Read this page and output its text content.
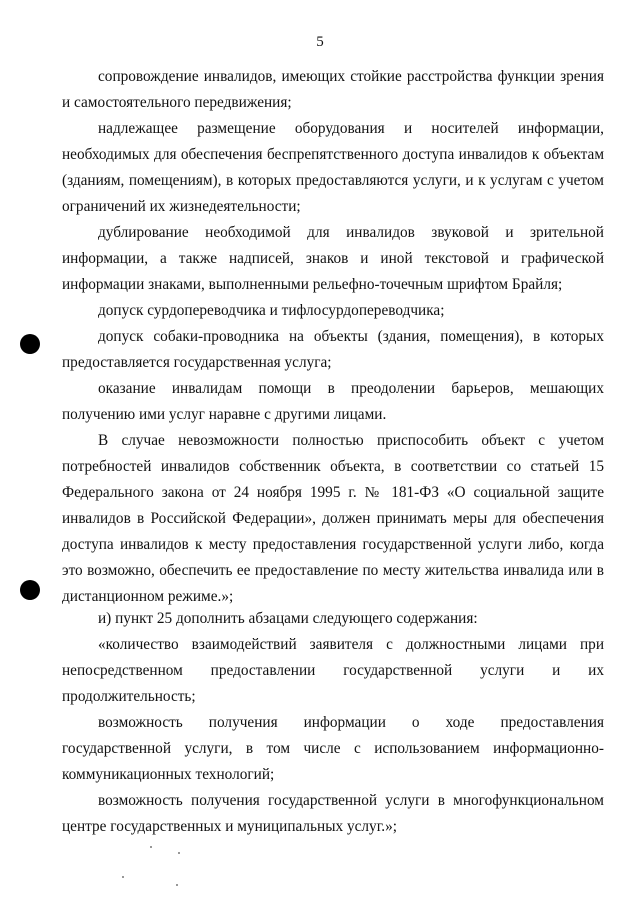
5

сопровождение инвалидов, имеющих стойкие расстройства функции зрения и самостоятельного передвижения;

надлежащее размещение оборудования и носителей информации, необходимых для обеспечения беспрепятственного доступа инвалидов к объектам (зданиям, помещениям), в которых предоставляются услуги, и к услугам с учетом ограничений их жизнедеятельности;

дублирование необходимой для инвалидов звуковой и зрительной информации, а также надписей, знаков и иной текстовой и графической информации знаками, выполненными рельефно-точечным шрифтом Брайля;

допуск сурдопереводчика и тифлосурдопереводчика;

допуск собаки-проводника на объекты (здания, помещения), в которых предоставляется государственная услуга;

оказание инвалидам помощи в преодолении барьеров, мешающих получению ими услуг наравне с другими лицами.

В случае невозможности полностью приспособить объект с учетом потребностей инвалидов собственник объекта, в соответствии со статьей 15 Федерального закона от 24 ноября 1995 г. № 181-ФЗ «О социальной защите инвалидов в Российской Федерации», должен принимать меры для обеспечения доступа инвалидов к месту предоставления государственной услуги либо, когда это возможно, обеспечить ее предоставление по месту жительства инвалида или в дистанционном режиме.»;

и) пункт 25 дополнить абзацами следующего содержания:

«количество взаимодействий заявителя с должностными лицами при непосредственном предоставлении государственной услуги и их продолжительность;

возможность получения информации о ходе предоставления государственной услуги, в том числе с использованием информационно-коммуникационных технологий;

возможность получения государственной услуги в многофункциональном центре государственных и муниципальных услуг.»;
